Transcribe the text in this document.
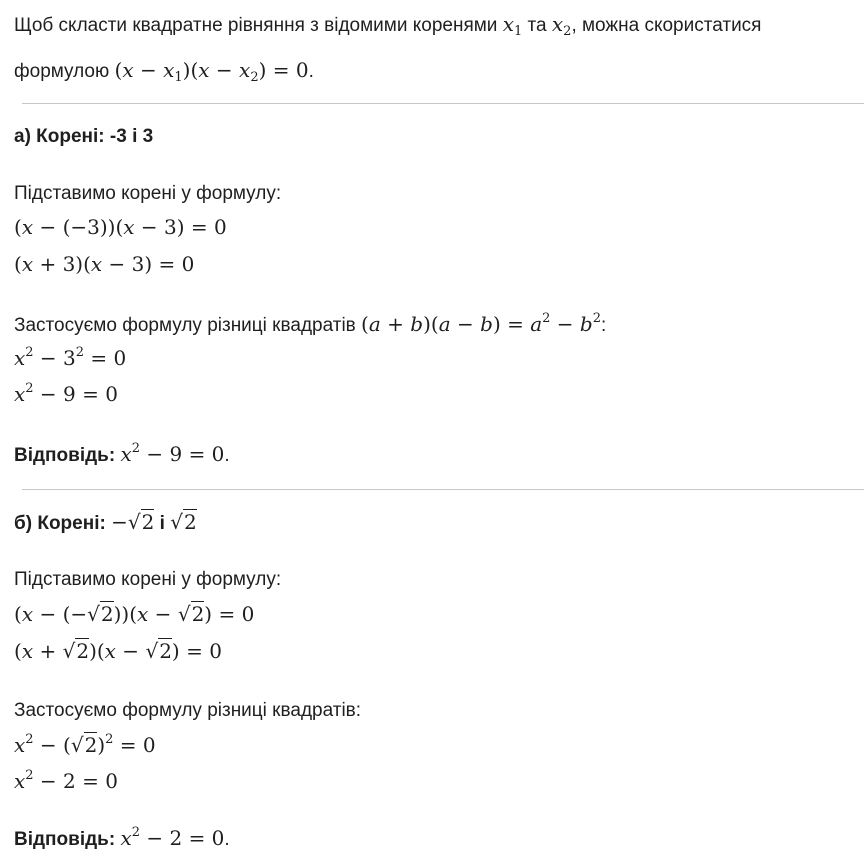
Щоб скласти квадратне рівняння з відомими коренями $x_1$ та $x_2$, можна скористатися
формулою $(x - x_1)(x - x_2) = 0$.
а) Корені: -3 і 3
Підставимо корені у формулу:
(x − (−3))(x − 3) = 0
(x + 3)(x − 3) = 0
Застосуємо формулу різниці квадратів $(a + b)(a - b) = a^2 - b^2$:
$x^2 - 3^2 = 0$
$x^2 - 9 = 0$
Відповідь: $x^2 - 9 = 0$.
б) Корені: −√2 і √2
Підставимо корені у формулу:
(x − (−√2))(x − √2) = 0
(x + √2)(x − √2) = 0
Застосуємо формулу різниці квадратів:
$x^2 - (√2)^2 = 0$
$x^2 - 2 = 0$
Відповідь: $x^2 - 2 = 0$.
